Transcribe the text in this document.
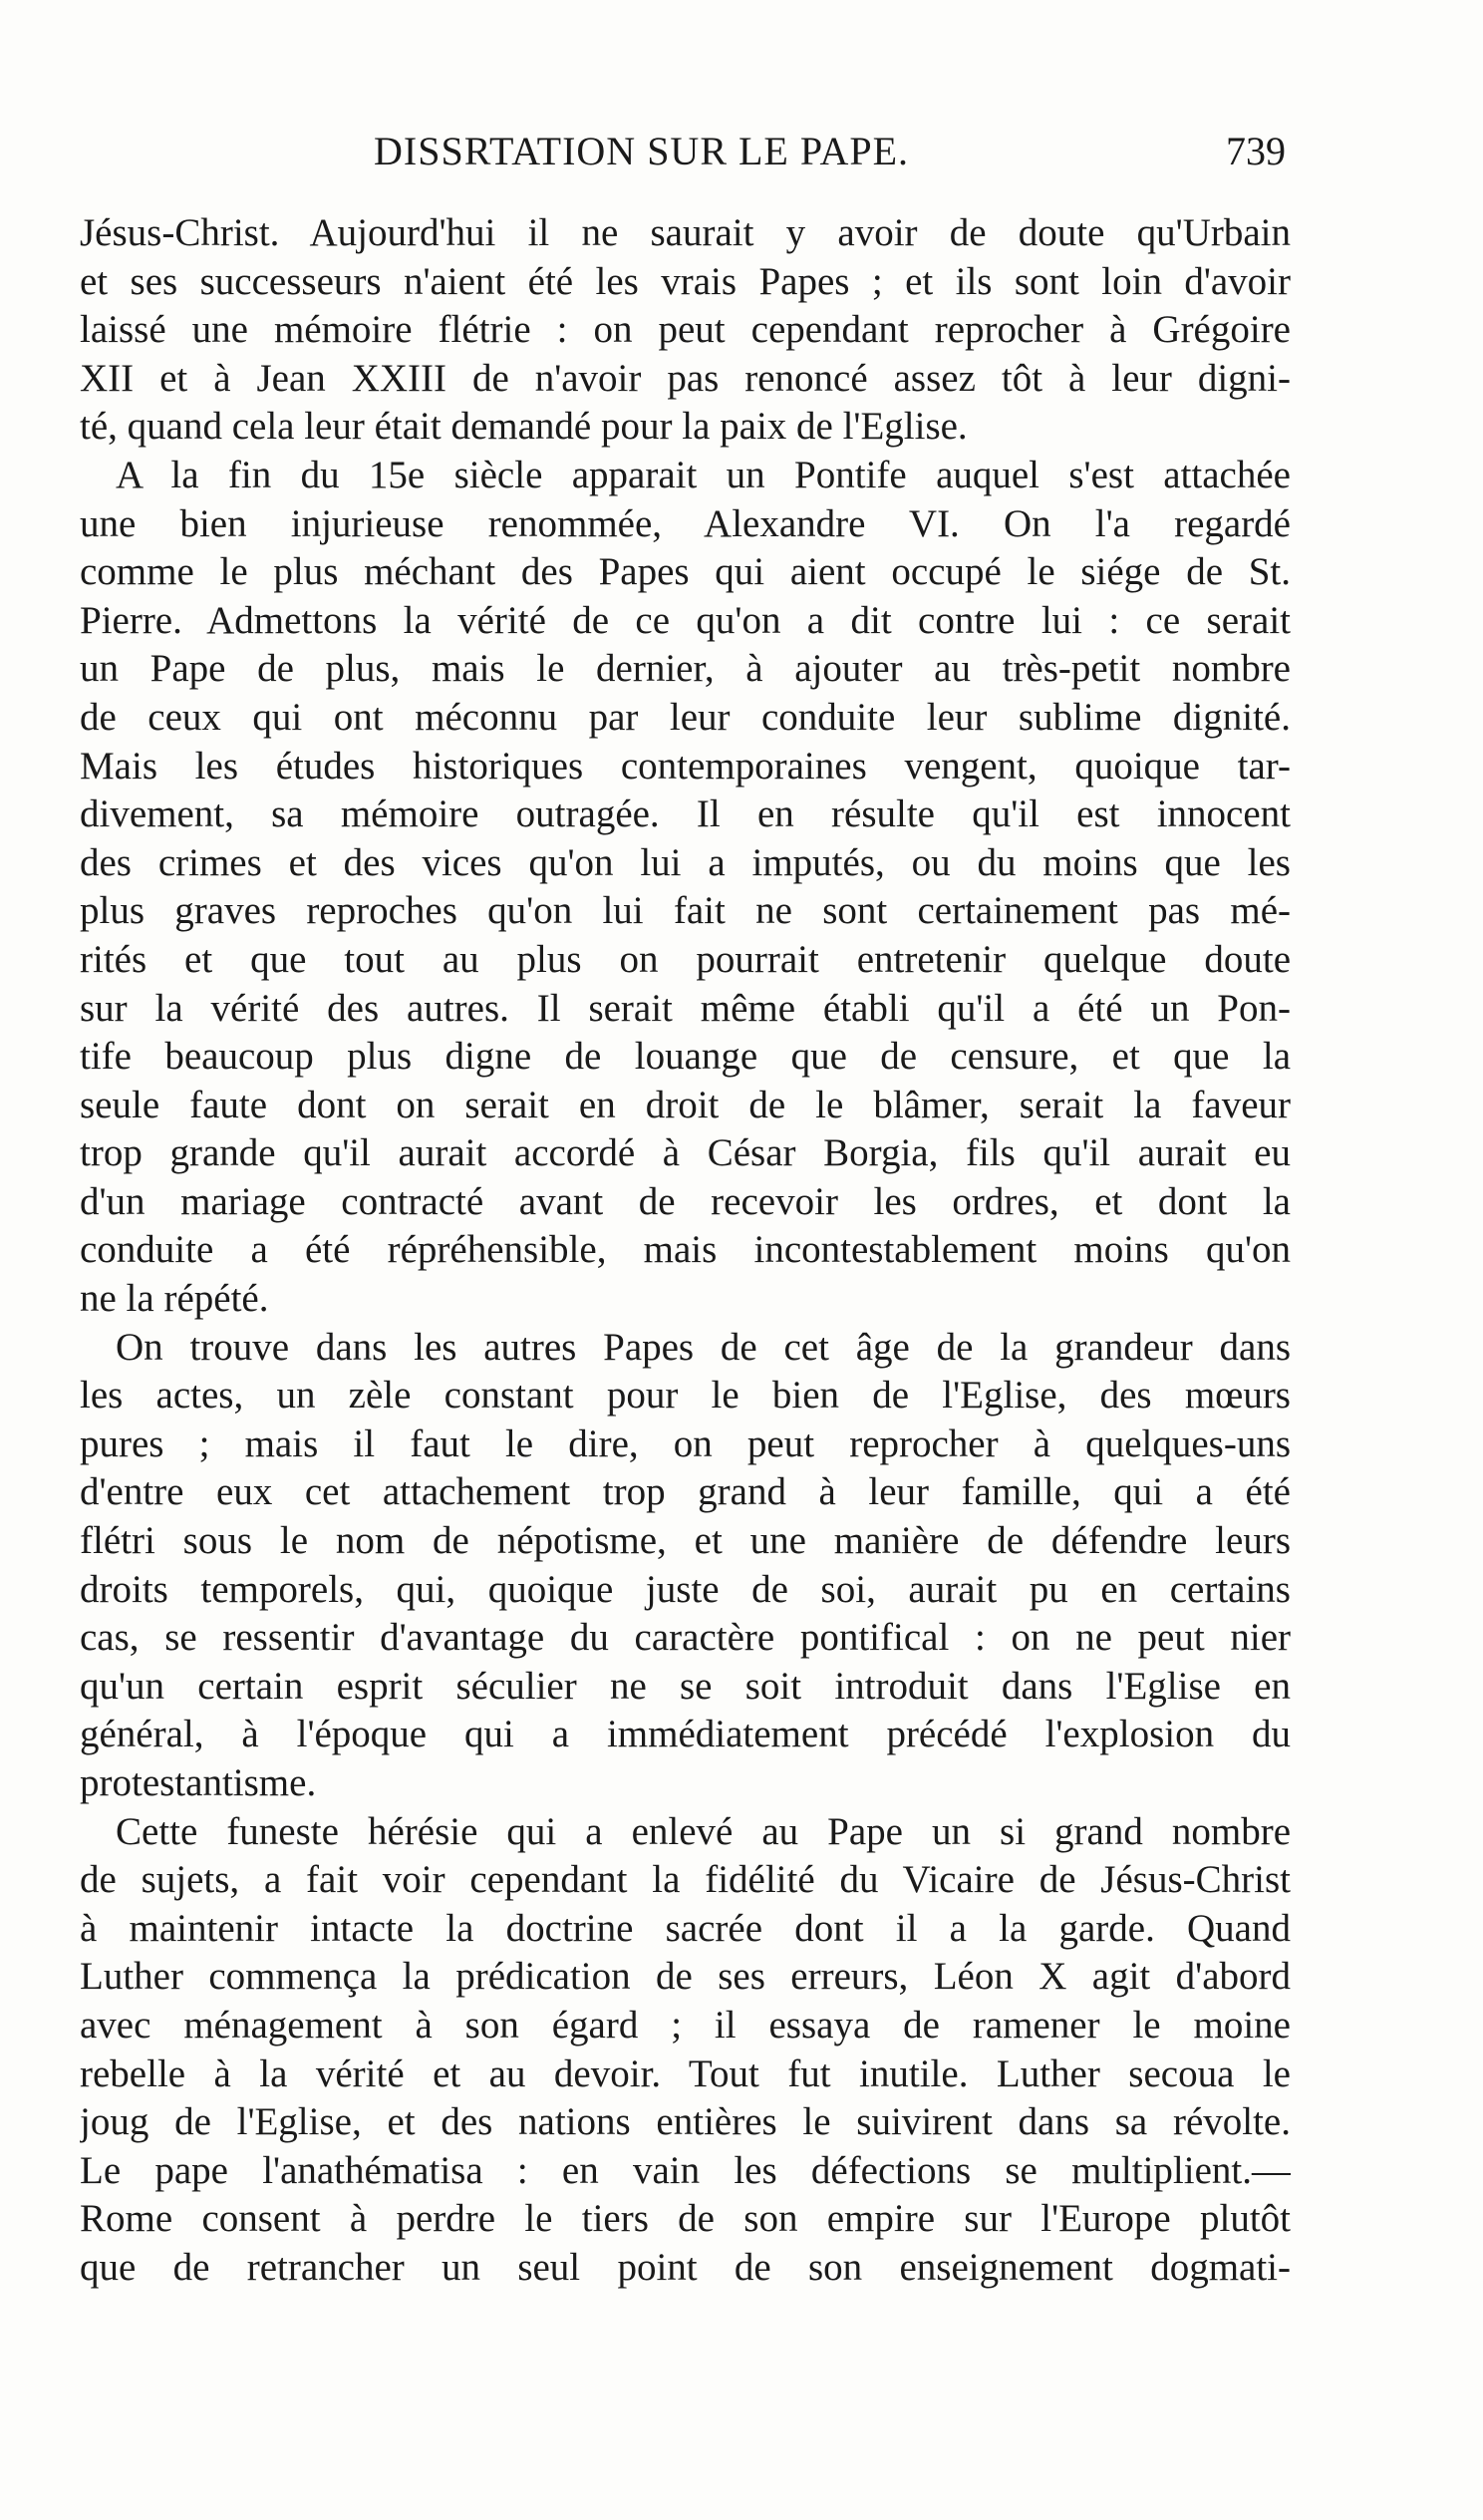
DISSRTATION SUR LE PAPE.	739
Jésus-Christ. Aujourd'hui il ne saurait y avoir de doute qu'Urbain
et ses successeurs n'aient été les vrais Papes ; et ils sont loin d'avoir
laissé une mémoire flétrie : on peut cependant reprocher à Grégoire
XII et à Jean XXIII de n'avoir pas renoncé assez tôt à leur digni-
té, quand cela leur était demandé pour la paix de l'Eglise.
A la fin du 15e siècle apparait un Pontife auquel s'est attachée
une bien injurieuse renommée, Alexandre VI. On l'a regardé
comme le plus méchant des Papes qui aient occupé le siége de St.
Pierre. Admettons la vérité de ce qu'on a dit contre lui : ce serait
un Pape de plus, mais le dernier, à ajouter au très-petit nombre
de ceux qui ont méconnu par leur conduite leur sublime dignité.
Mais les études historiques contemporaines vengent, quoique tar-
divement, sa mémoire outragée. Il en résulte qu'il est innocent
des crimes et des vices qu'on lui a imputés, ou du moins que les
plus graves reproches qu'on lui fait ne sont certainement pas mé-
rités et que tout au plus on pourrait entretenir quelque doute
sur la vérité des autres. Il serait même établi qu'il a été un Pon-
tife beaucoup plus digne de louange que de censure, et que la
seule faute dont on serait en droit de le blâmer, serait la faveur
trop grande qu'il aurait accordé à César Borgia, fils qu'il aurait eu
d'un mariage contracté avant de recevoir les ordres, et dont la
conduite a été répréhensible, mais incontestablement moins qu'on
ne la répété.
On trouve dans les autres Papes de cet âge de la grandeur dans
les actes, un zèle constant pour le bien de l'Eglise, des mœurs
pures ; mais il faut le dire, on peut reprocher à quelques-uns
d'entre eux cet attachement trop grand à leur famille, qui a été
flétri sous le nom de népotisme, et une manière de défendre leurs
droits temporels, qui, quoique juste de soi, aurait pu en certains
cas, se ressentir d'avantage du caractère pontifical : on ne peut nier
qu'un certain esprit séculier ne se soit introduit dans l'Eglise en
général, à l'époque qui a immédiatement précédé l'explosion du
protestantisme.
Cette funeste hérésie qui a enlevé au Pape un si grand nombre
de sujets, a fait voir cependant la fidélité du Vicaire de Jésus-Christ
à maintenir intacte la doctrine sacrée dont il a la garde. Quand
Luther commença la prédication de ses erreurs, Léon X agit d'abord
avec ménagement à son égard ; il essaya de ramener le moine
rebelle à la vérité et au devoir. Tout fut inutile. Luther secoua le
joug de l'Eglise, et des nations entières le suivirent dans sa révolte.
Le pape l'anathématisa : en vain les défections se multiplient.—
Rome consent à perdre le tiers de son empire sur l'Europe plutôt
que de retrancher un seul point de son enseignement dogmati-
